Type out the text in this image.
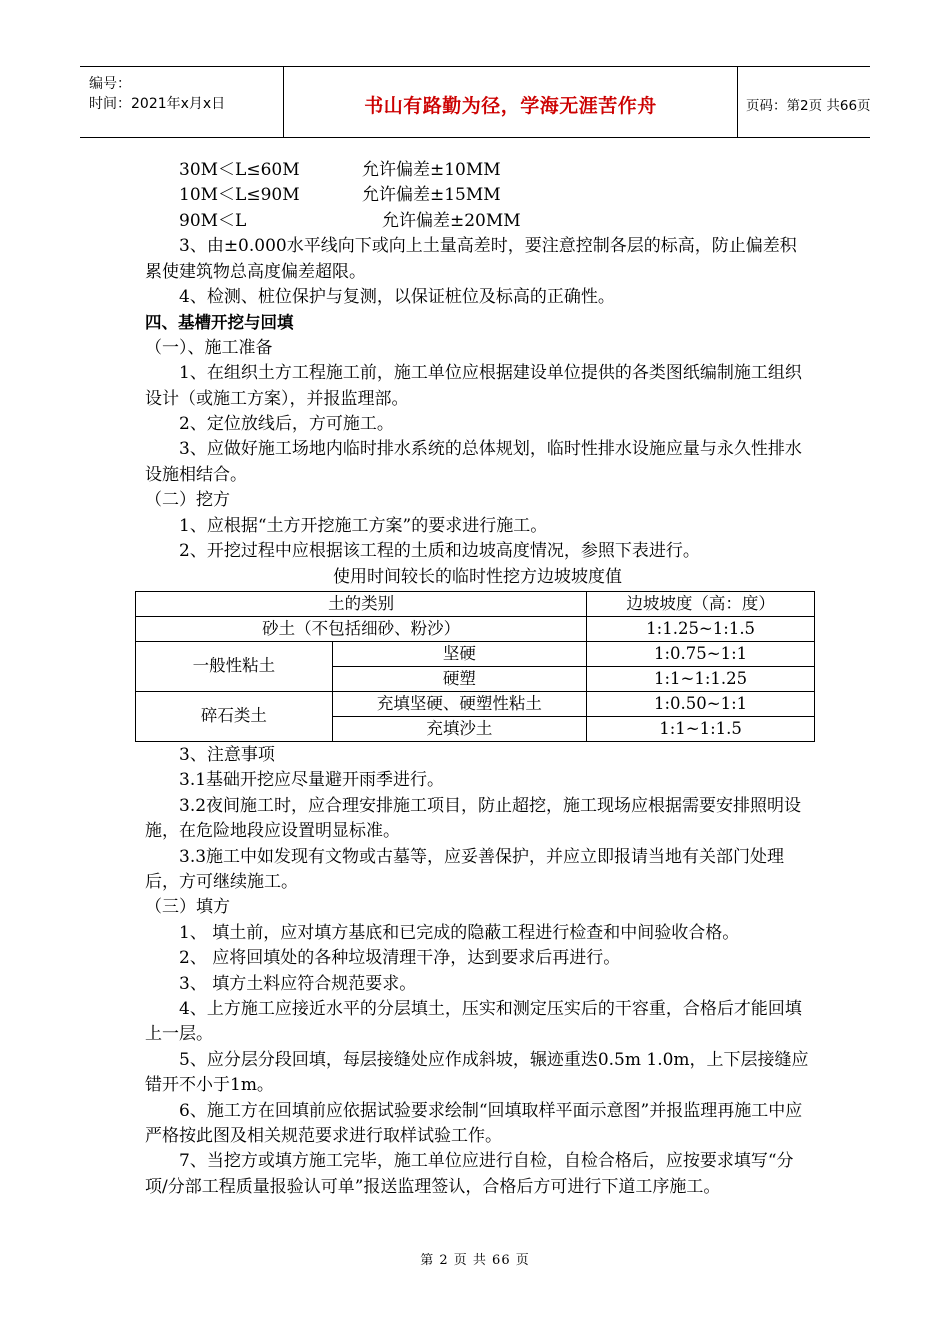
编号：
时间：2021年x月x日	书山有路勤为径，学海无涯苦作舟	页码：第2页 共66页
30M＜L≤60M	允许偏差±10MM
10M＜L≤90M	允许偏差±15MM
90M＜L	允许偏差±20MM

3、由±0.000水平线向下或向上土量高差时，要注意控制各层的标高，防止偏差积累使建筑物总高度偏差超限。

4、检测、桩位保护与复测，以保证桩位及标高的正确性。

四、基槽开挖与回填

（一）、施工准备

1、在组织土方工程施工前，施工单位应根据建设单位提供的各类图纸编制施工组织设计（或施工方案），并报监理部。

2、定位放线后，方可施工。

3、应做好施工场地内临时排水系统的总体规划，临时性排水设施应量与永久性排水设施相结合。

（二）挖方

1、应根据“土方开挖施工方案”的要求进行施工。

2、开挖过程中应根据该工程的土质和边坡高度情况，参照下表进行。

使用时间较长的临时性挖方边坡坡度值

土的类别		边坡坡度（高：度）
砂土（不包括细砂、粉沙）		1:1.25~1:1.5
一般性粘土	坚硬	1:0.75~1:1
	硬塑	1:1~1:1.25
碎石类土	充填坚硬、硬塑性粘土	1:0.50~1:1
	充填沙土	1:1~1:1.5

3、注意事项

3.1基础开挖应尽量避开雨季进行。

3.2夜间施工时，应合理安排施工项目，防止超挖，施工现场应根据需要安排照明设施，在危险地段应设置明显标准。

3.3施工中如发现有文物或古墓等，应妥善保护，并应立即报请当地有关部门处理后，方可继续施工。

（三）填方

1、 填土前，应对填方基底和已完成的隐蔽工程进行检查和中间验收合格。

2、 应将回填处的各种垃圾清理干净，达到要求后再进行。

3、 填方土料应符合规范要求。

4、上方施工应接近水平的分层填土，压实和测定压实后的干容重，合格后才能回填上一层。

5、应分层分段回填，每层接缝处应作成斜坡，辗迹重迭0.5m 1.0m，上下层接缝应错开不小于1m。

6、施工方在回填前应依据试验要求绘制“回填取样平面示意图”并报监理再施工中应严格按此图及相关规范要求进行取样试验工作。

7、当挖方或填方施工完毕，施工单位应进行自检，自检合格后，应按要求填写“分项/分部工程质量报验认可单”报送监理签认，合格后方可进行下道工序施工。

第 2 页 共 66 页
